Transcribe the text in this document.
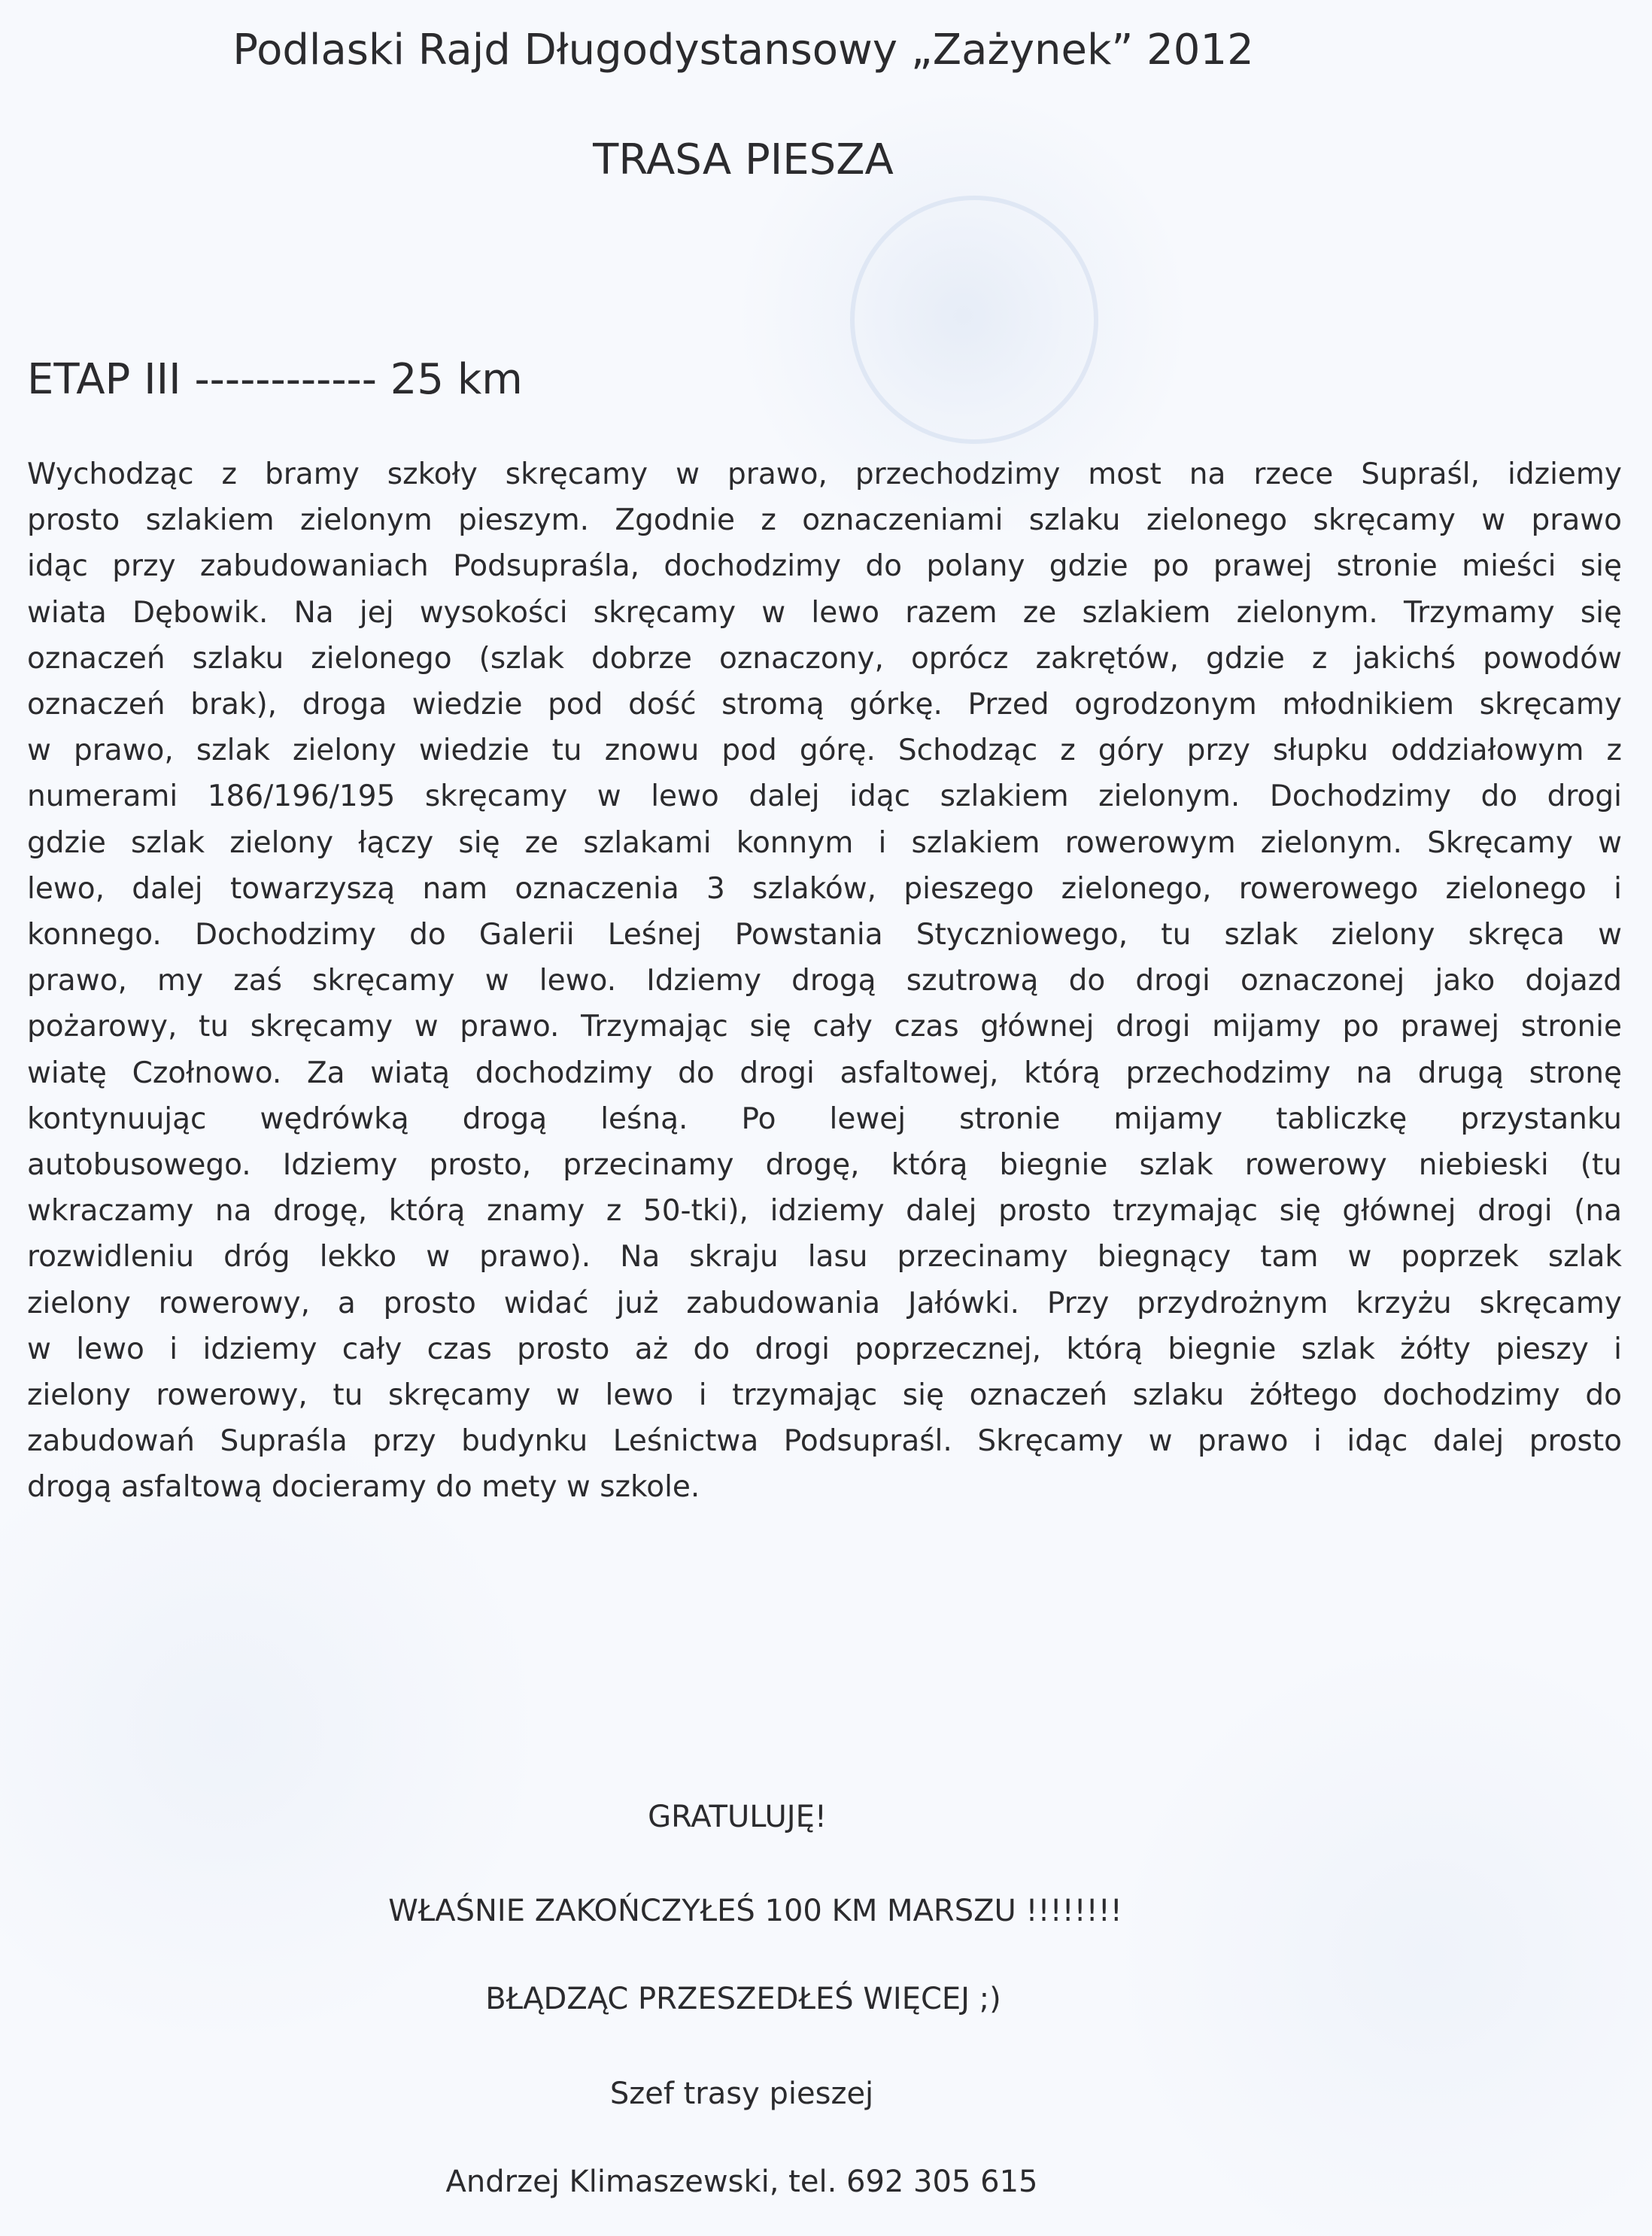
Podlaski Rajd Długodystansowy „Zażynek” 2012
TRASA PIESZA
ETAP III ------------ 25 km
Wychodząc z bramy szkoły skręcamy w prawo, przechodzimy most na rzece Supraśl, idziemy
prosto szlakiem zielonym pieszym. Zgodnie z oznaczeniami szlaku zielonego skręcamy w prawo
idąc przy zabudowaniach Podsupraśla, dochodzimy do polany gdzie po prawej stronie mieści się
wiata Dębowik. Na jej wysokości skręcamy w lewo razem ze szlakiem zielonym. Trzymamy się
oznaczeń szlaku zielonego (szlak dobrze oznaczony, oprócz zakrętów, gdzie z jakichś powodów
oznaczeń brak), droga wiedzie pod dość stromą górkę. Przed ogrodzonym młodnikiem skręcamy
w prawo, szlak zielony wiedzie tu znowu pod górę. Schodząc z góry przy słupku oddziałowym z
numerami 186/196/195 skręcamy w lewo dalej idąc szlakiem zielonym. Dochodzimy do drogi
gdzie szlak zielony łączy się ze szlakami konnym i szlakiem rowerowym zielonym. Skręcamy w
lewo, dalej towarzyszą nam oznaczenia 3 szlaków, pieszego zielonego, rowerowego zielonego i
konnego. Dochodzimy do Galerii Leśnej Powstania Styczniowego, tu szlak zielony skręca w
prawo, my zaś skręcamy w lewo. Idziemy drogą szutrową do drogi oznaczonej jako dojazd
pożarowy, tu skręcamy w prawo. Trzymając się cały czas głównej drogi mijamy po prawej stronie
wiatę Czołnowo. Za wiatą dochodzimy do drogi asfaltowej, którą przechodzimy na drugą stronę
kontynuując wędrówką drogą leśną. Po lewej stronie mijamy tabliczkę przystanku
autobusowego. Idziemy prosto, przecinamy drogę, którą biegnie szlak rowerowy niebieski (tu
wkraczamy na drogę, którą znamy z 50-tki), idziemy dalej prosto trzymając się głównej drogi (na
rozwidleniu dróg lekko w prawo). Na skraju lasu przecinamy biegnący tam w poprzek szlak
zielony rowerowy, a prosto widać już zabudowania Jałówki. Przy przydrożnym krzyżu skręcamy
w lewo i idziemy cały czas prosto aż do drogi poprzecznej, którą biegnie szlak żółty pieszy i
zielony rowerowy, tu skręcamy w lewo i trzymając się oznaczeń szlaku żółtego dochodzimy do
zabudowań Supraśla przy budynku Leśnictwa Podsupraśl. Skręcamy w prawo i idąc dalej prosto
drogą asfaltową docieramy do mety w szkole.
GRATULUJĘ!
WŁAŚNIE ZAKOŃCZYŁEŚ 100 KM MARSZU !!!!!!!!
BŁĄDZĄC PRZESZEDŁEŚ WIĘCEJ ;)
Szef trasy pieszej
Andrzej Klimaszewski, tel. 692 305 615
